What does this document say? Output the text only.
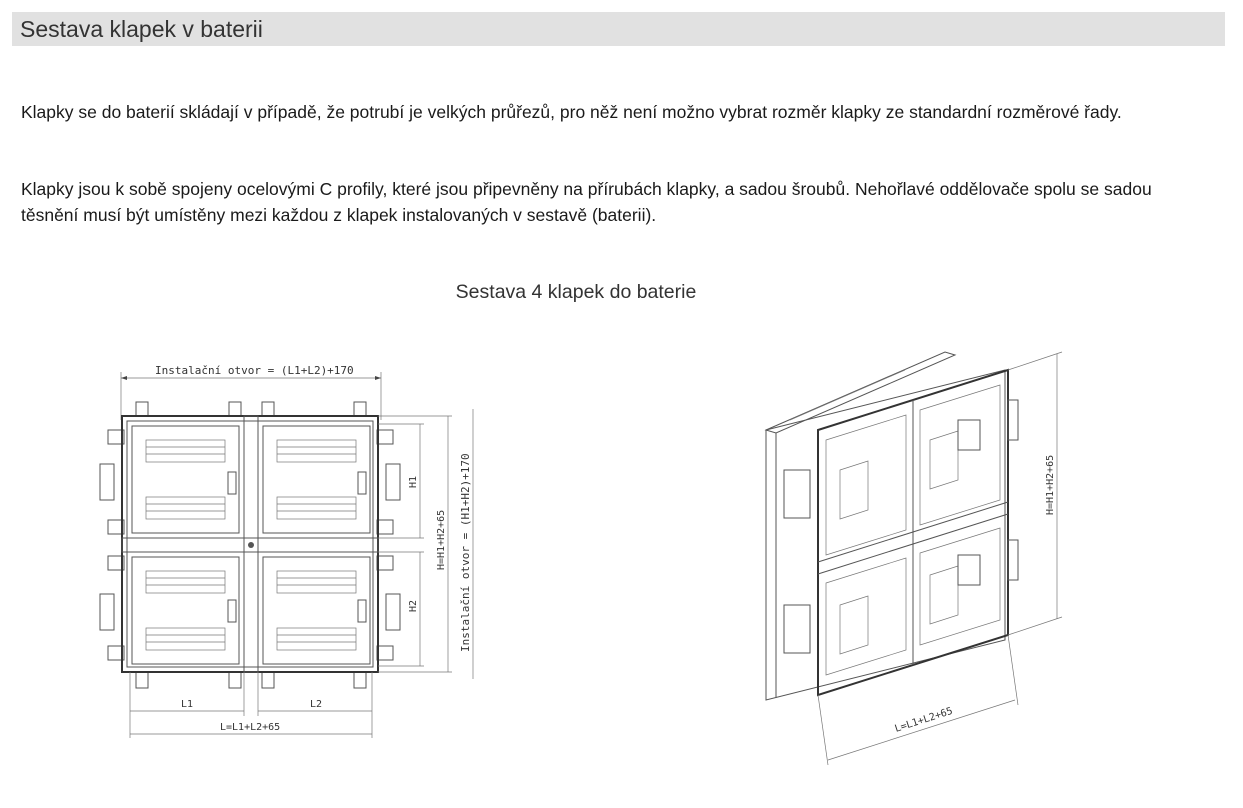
Sestava klapek v baterii

Klapky se do baterií skládají v případě, že potrubí je velkých průřezů, pro něž není možno vybrat rozměr klapky ze standardní rozměrové řady.

Klapky jsou k sobě spojeny ocelovými C profily, které jsou připevněny na přírubách klapky, a sadou šroubů. Nehořlavé oddělovače spolu se sadou těsnění musí být umístěny mezi každou z klapek instalovaných v sestavě (baterii).

Sestava 4 klapek do baterie
Instalační otvor = (L1+L2)+170
H1
H2
H=H1+H2+65 Instalační otvor = (H1+H2)+170
L1	L2
L=L1+L2+65
H=H1+H2+65
L=L1+L2+65
